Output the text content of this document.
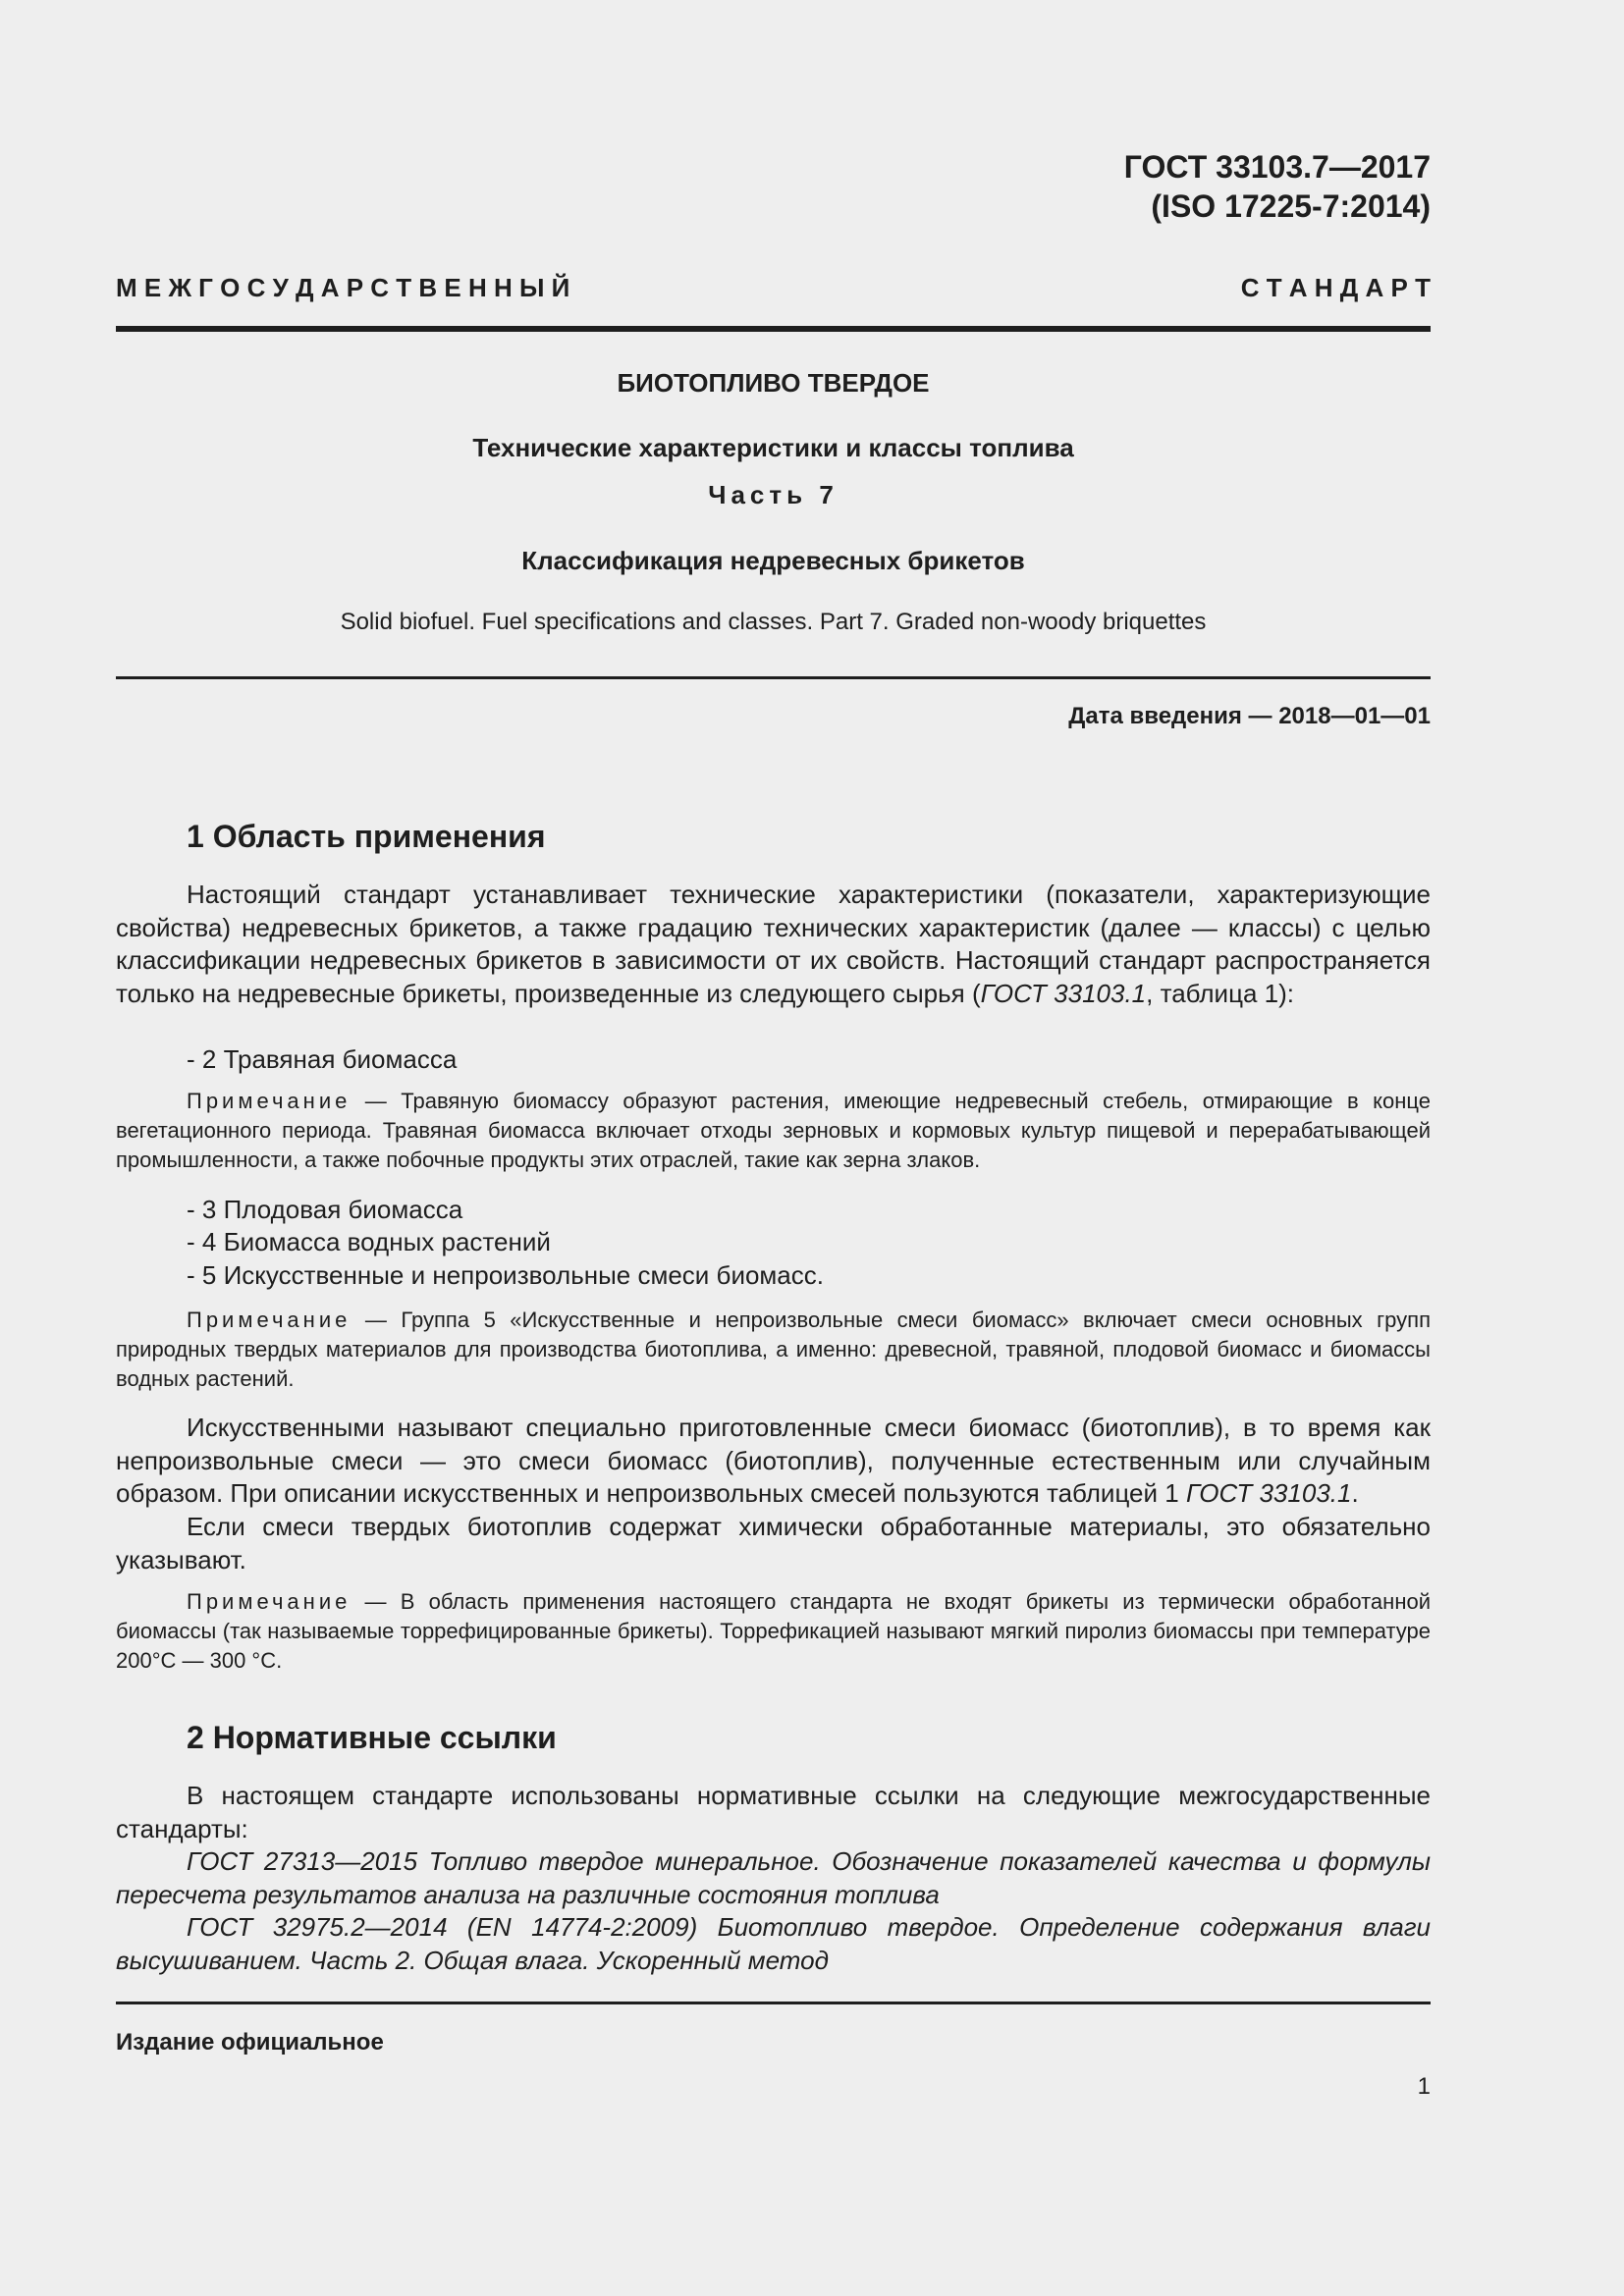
ГОСТ 33103.7—2017
(ISO 17225-7:2014)
М Е Ж Г О С У Д А Р С Т В Е Н Н Ы Й	С Т А Н Д А Р Т
БИОТОПЛИВО ТВЕРДОЕ
Технические характеристики и классы топлива
Часть 7
Классификация недревесных брикетов
Solid biofuel. Fuel specifications and classes. Part 7. Graded non-woody briquettes
Дата введения — 2018—01—01
1 Область применения
Настоящий стандарт устанавливает технические характеристики (показатели, характеризующие свойства) недревесных брикетов, а также градацию технических характеристик (далее — классы) с целью классификации недревесных брикетов в зависимости от их свойств. Настоящий стандарт распространяется только на недревесные брикеты, произведенные из следующего сырья (ГОСТ 33103.1, таблица 1):
- 2 Травяная биомасса
Примечание — Травяную биомассу образуют растения, имеющие недревесный стебель, отмирающие в конце вегетационного периода. Травяная биомасса включает отходы зерновых и кормовых культур пищевой и перерабатывающей промышленности, а также побочные продукты этих отраслей, такие как зерна злаков.
- 3 Плодовая биомасса
- 4 Биомасса водных растений
- 5 Искусственные и непроизвольные смеси биомасс.
Примечание — Группа 5 «Искусственные и непроизвольные смеси биомасс» включает смеси основных групп природных твердых материалов для производства биотоплива, а именно: древесной, травяной, плодовой биомасс и биомассы водных растений.
Искусственными называют специально приготовленные смеси биомасс (биотоплив), в то время как непроизвольные смеси — это смеси биомасс (биотоплив), полученные естественным или случайным образом. При описании искусственных и непроизвольных смесей пользуются таблицей 1 ГОСТ 33103.1.
Если смеси твердых биотоплив содержат химически обработанные материалы, это обязательно указывают.
Примечание — В область применения настоящего стандарта не входят брикеты из термически обработанной биомассы (так называемые торрефицированные брикеты). Торрефикацией называют мягкий пиролиз биомассы при температуре 200°С — 300 °С.
2 Нормативные ссылки
В настоящем стандарте использованы нормативные ссылки на следующие межгосударственные стандарты:
ГОСТ 27313—2015 Топливо твердое минеральное. Обозначение показателей качества и формулы пересчета результатов анализа на различные состояния топлива
ГОСТ 32975.2—2014 (EN 14774-2:2009) Биотопливо твердое. Определение содержания влаги высушиванием. Часть 2. Общая влага. Ускоренный метод
Издание официальное
1
